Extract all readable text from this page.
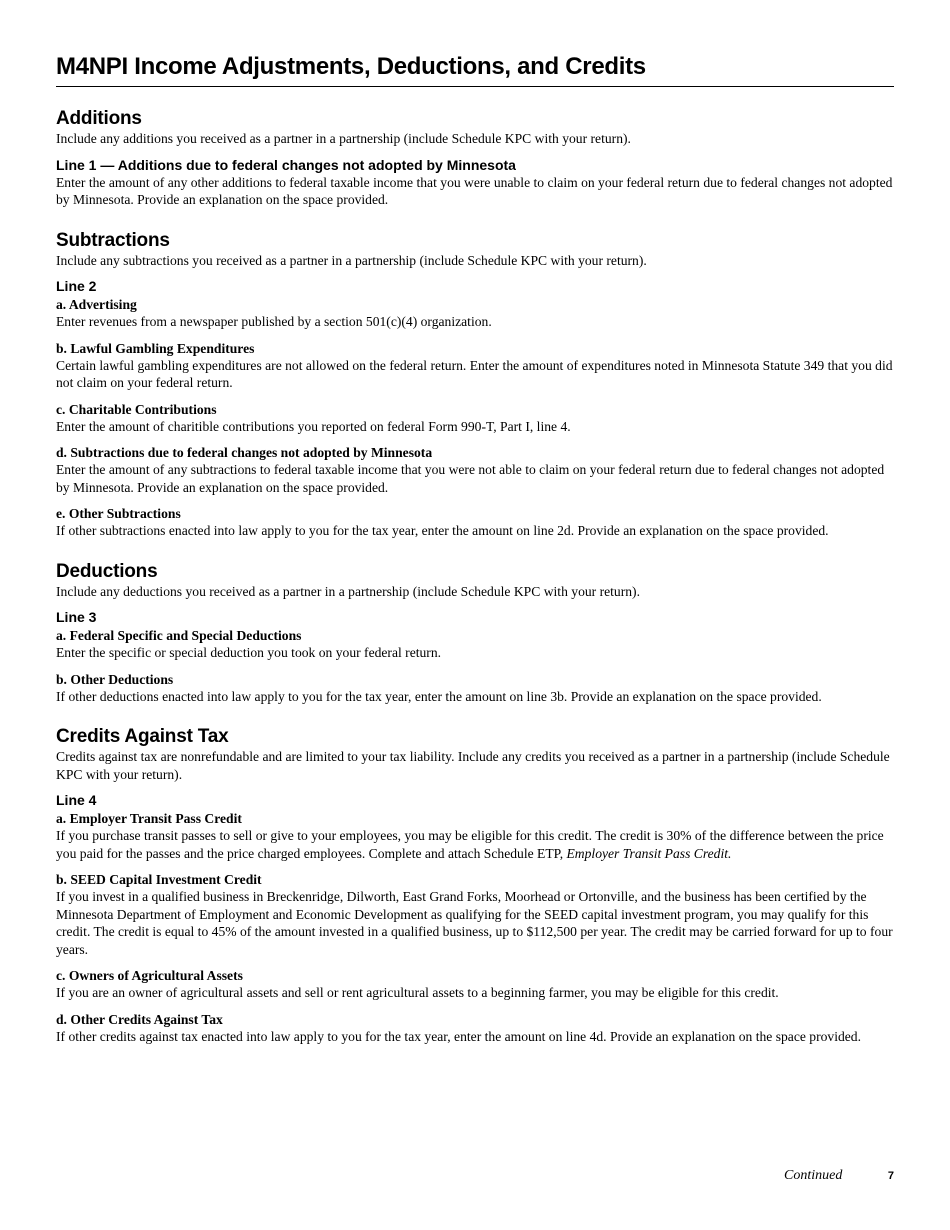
M4NPI Income Adjustments, Deductions, and Credits
Additions

Include any additions you received as a partner in a partnership (include Schedule KPC with your return).

Line 1 — Additions due to federal changes not adopted by Minnesota

Enter the amount of any other additions to federal taxable income that you were unable to claim on your federal return due to federal changes not adopted by Minnesota. Provide an explanation on the space provided.

Subtractions

Include any subtractions you received as a partner in a partnership (include Schedule KPC with your return).

Line 2
a. Advertising

Enter revenues from a newspaper published by a section 501(c)(4) organization.

b. Lawful Gambling Expenditures

Certain lawful gambling expenditures are not allowed on the federal return. Enter the amount of expenditures noted in Minnesota Statute 349 that you did not claim on your federal return.

c. Charitable Contributions

Enter the amount of charitible contributions you reported on federal Form 990-T, Part I, line 4.

d. Subtractions due to federal changes not adopted by Minnesota

Enter the amount of any subtractions to federal taxable income that you were not able to claim on your federal return due to federal changes not adopted by Minnesota. Provide an explanation on the space provided.

e. Other Subtractions

If other subtractions enacted into law apply to you for the tax year, enter the amount on line 2d. Provide an explanation on the space provided.

Deductions

Include any deductions you received as a partner in a partnership (include Schedule KPC with your return).

Line 3
a. Federal Specific and Special Deductions

Enter the specific or special deduction you took on your federal return.

b. Other Deductions

If other deductions enacted into law apply to you for the tax year, enter the amount on line 3b. Provide an explanation on the space provided.

Credits Against Tax

Credits against tax are nonrefundable and are limited to your tax liability. Include any credits you received as a partner in a partnership (include Schedule KPC with your return).

Line 4
a. Employer Transit Pass Credit

If you purchase transit passes to sell or give to your employees, you may be eligible for this credit. The credit is 30% of the difference between the price you paid for the passes and the price charged employees. Complete and attach Schedule ETP, Employer Transit Pass Credit.

b. SEED Capital Investment Credit

If you invest in a qualified business in Breckenridge, Dilworth, East Grand Forks, Moorhead or Ortonville, and the business has been certified by the Minnesota Department of Employment and Economic Development as qualifying for the SEED capital investment program, you may qualify for this credit. The credit is equal to 45% of the amount invested in a qualified business, up to $112,500 per year. The credit may be carried forward for up to four years.

c. Owners of Agricultural Assets

If you are an owner of agricultural assets and sell or rent agricultural assets to a beginning farmer, you may be eligible for this credit.

d. Other Credits Against Tax

If other credits against tax enacted into law apply to you for the tax year, enter the amount on line 4d. Provide an explanation on the space provided.

Continued	7
